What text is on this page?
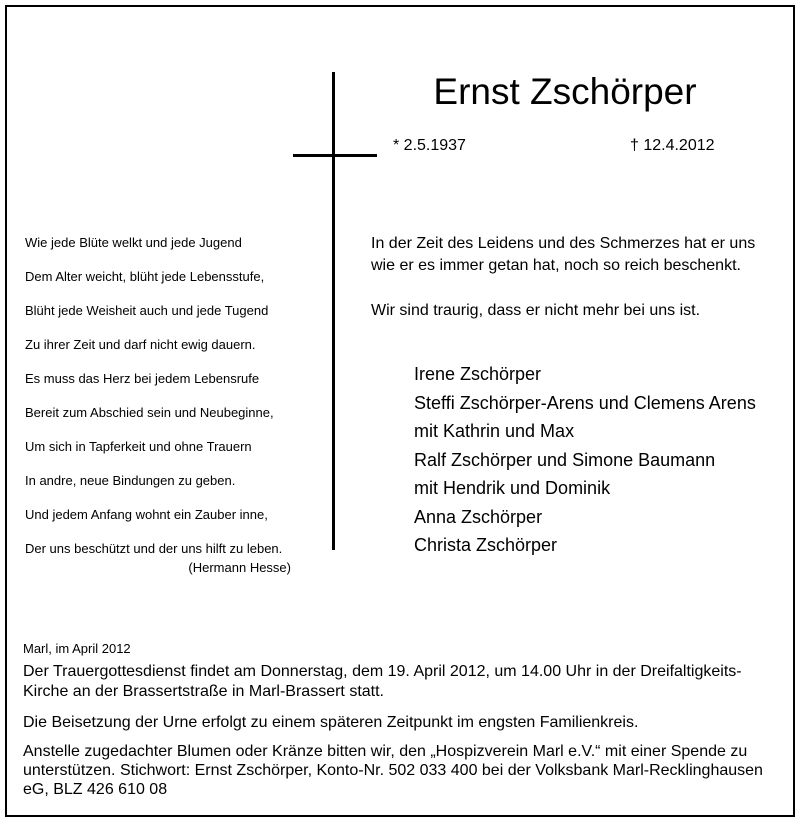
Ernst Zschörper
* 2.5.1937	† 12.4.2012
Wie jede Blüte welkt und jede Jugend
Dem Alter weicht, blüht jede Lebensstufe,
Blüht jede Weisheit auch und jede Tugend
Zu ihrer Zeit und darf nicht ewig dauern.
Es muss das Herz bei jedem Lebensrufe
Bereit zum Abschied sein und Neubeginne,
Um sich in Tapferkeit und ohne Trauern
In andre, neue Bindungen zu geben.
Und jedem Anfang wohnt ein Zauber inne,
Der uns beschützt und der uns hilft zu leben.
(Hermann Hesse)
In der Zeit des Leidens und des Schmerzes hat er uns
wie er es immer getan hat, noch so reich beschenkt.
Wir sind traurig, dass er nicht mehr bei uns ist.
Irene Zschörper
Steffi Zschörper-Arens und Clemens Arens
mit Kathrin und Max
Ralf Zschörper und Simone Baumann
mit Hendrik und Dominik
Anna Zschörper
Christa Zschörper
Marl, im April 2012
Der Trauergottesdienst findet am Donnerstag, dem 19. April 2012, um 14.00 Uhr in der Dreifaltigkeits-
Kirche an der Brassertstraße in Marl-Brassert statt.
Die Beisetzung der Urne erfolgt zu einem späteren Zeitpunkt im engsten Familienkreis.
Anstelle zugedachter Blumen oder Kränze bitten wir, den „Hospizverein Marl e.V.“ mit einer Spende zu
unterstützen. Stichwort: Ernst Zschörper, Konto-Nr. 502 033 400 bei der Volksbank Marl-Recklinghausen
eG, BLZ 426 610 08
